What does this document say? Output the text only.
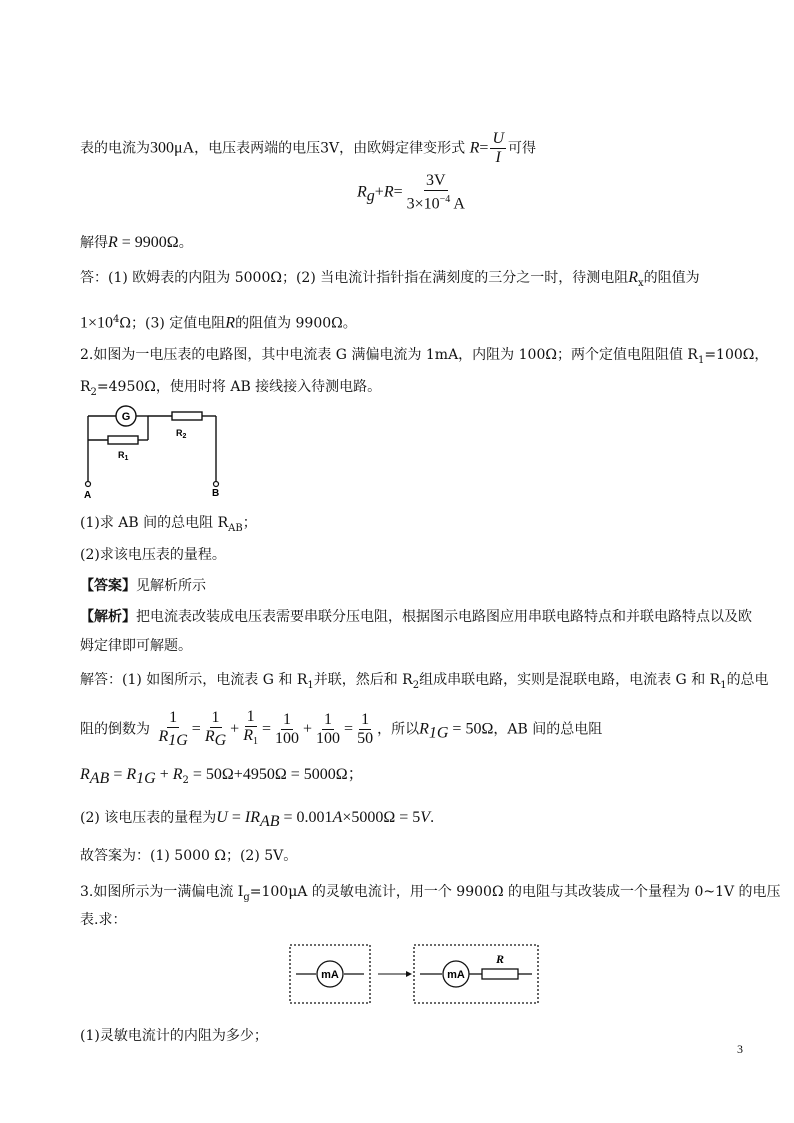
表的电流为300μA，电压表两端的电压3V，由欧姆定律变形式 $R= \frac{U}{I}$ 可得
$R_g+R= \frac{3V}{3\times 10^{-4} A}$
解得R = 9900Ω。
答：(1) 欧姆表的内阻为 5000Ω；(2) 当电流计指针指在满刻度的三分之一时，待测电阻$R_x$的阻值为
$1\times 10^4\Omega$；(3) 定值电阻R的阻值为 9900Ω。
2.如图为一电压表的电路图，其中电流表 G 满偏电流为 1mA，内阻为 100Ω；两个定值电阻阻值 $R_1=100\Omega$，
$R_2=4950\Omega$，使用时将 AB 接线接入待测电路。
G
$R_2$
$R_1$
A	B
(1)求 AB 间的总电阻 $R_{AB}$；
(2)求该电压表的量程。
【答案】见解析所示
【解析】把电流表改装成电压表需要串联分压电阻，根据图示电路图应用串联电路特点和并联电路特点以及欧
姆定律即可解题。
解答：(1) 如图所示，电流表 G 和 $R_1$并联，然后和 $R_2$组成串联电路，实则是混联电路，电流表 G 和 $R_1$的总电
阻的倒数为 $\frac{1}{R_{1G}} = \frac{1}{R_G} + \frac{1}{R_1} = \frac{1}{100} + \frac{1}{100} = \frac{1}{50}$ ，所以$R_{1G} = 50\Omega$，AB 间的总电阻
$R_{AB} = R_{1G} + R_2 = 50\Omega+4950\Omega = 5000\Omega$；
(2) 该电压表的量程为$U = IR_{AB} = 0.001A\times 5000\Omega = 5V$.
故答案为：(1) 5000 Ω；(2) 5V。
3.如图所示为一满偏电流 $I_g=100\mu A$ 的灵敏电流计，用一个 9900Ω 的电阻与其改装成一个量程为 0~1V 的电压
表.求：
mA	mA
R
(1)灵敏电流计的内阻为多少；
3
